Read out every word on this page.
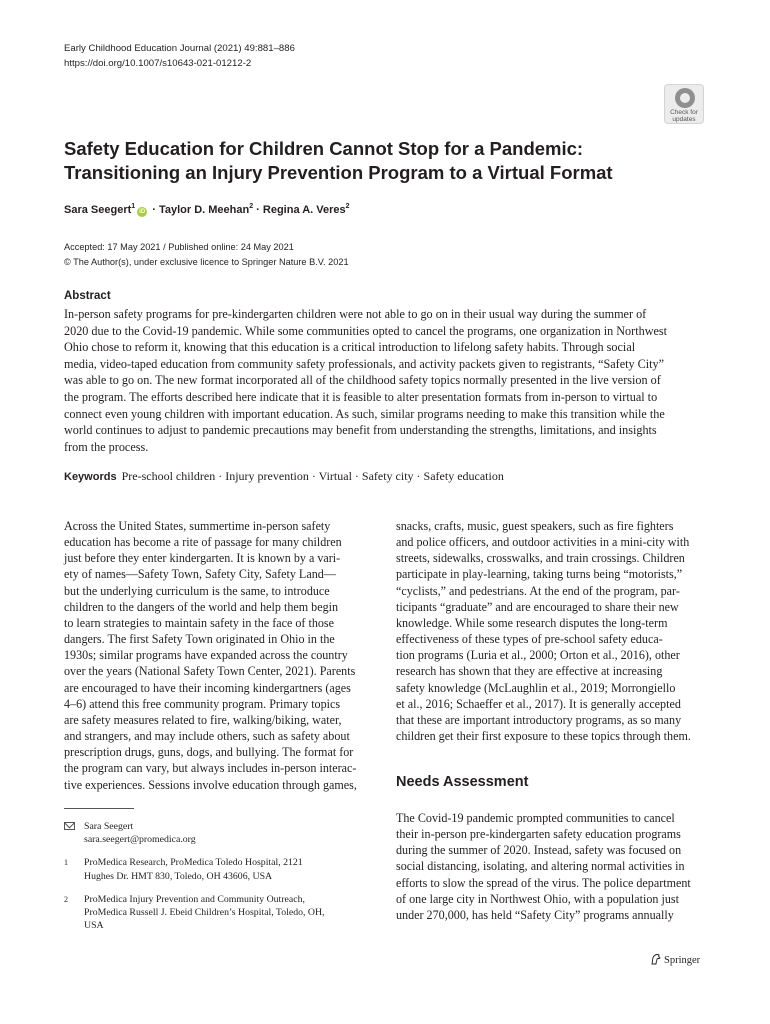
Early Childhood Education Journal (2021) 49:881–886
https://doi.org/10.1007/s10643-021-01212-2
Check for
updates
Safety Education for Children Cannot Stop for a Pandemic:
Transitioning an Injury Prevention Program to a Virtual Format
Sara Seegert$^1$iD · Taylor D. Meehan$^2$ · Regina A. Veres$^2$
Accepted: 17 May 2021 / Published online: 24 May 2021
© The Author(s), under exclusive licence to Springer Nature B.V. 2021
Abstract
In-person safety programs for pre-kindergarten children were not able to go on in their usual way during the summer of
2020 due to the Covid-19 pandemic. While some communities opted to cancel the programs, one organization in Northwest
Ohio chose to reform it, knowing that this education is a critical introduction to lifelong safety habits. Through social
media, video-taped education from community safety professionals, and activity packets given to registrants, “Safety City”
was able to go on. The new format incorporated all of the childhood safety topics normally presented in the live version of
the program. The efforts described here indicate that it is feasible to alter presentation formats from in-person to virtual to
connect even young children with important education. As such, similar programs needing to make this transition while the
world continues to adjust to pandemic precautions may benefit from understanding the strengths, limitations, and insights
from the process.
Keywords Pre-school children · Injury prevention · Virtual · Safety city · Safety education
Across the United States, summertime in-person safety
education has become a rite of passage for many children
just before they enter kindergarten. It is known by a vari-
ety of names—Safety Town, Safety City, Safety Land—
but the underlying curriculum is the same, to introduce
children to the dangers of the world and help them begin
to learn strategies to maintain safety in the face of those
dangers. The first Safety Town originated in Ohio in the
1930s; similar programs have expanded across the country
over the years (National Safety Town Center, 2021). Parents
are encouraged to have their incoming kindergartners (ages
4–6) attend this free community program. Primary topics
are safety measures related to fire, walking/biking, water,
and strangers, and may include others, such as safety about
prescription drugs, guns, dogs, and bullying. The format for
the program can vary, but always includes in-person interac-
tive experiences. Sessions involve education through games,
snacks, crafts, music, guest speakers, such as fire fighters
and police officers, and outdoor activities in a mini-city with
streets, sidewalks, crosswalks, and train crossings. Children
participate in play-learning, taking turns being “motorists,”
“cyclists,” and pedestrians. At the end of the program, par-
ticipants “graduate” and are encouraged to share their new
knowledge. While some research disputes the long-term
effectiveness of these types of pre-school safety educa-
tion programs (Luria et al., 2000; Orton et al., 2016), other
research has shown that they are effective at increasing
safety knowledge (McLaughlin et al., 2019; Morrongiello
et al., 2016; Schaeffer et al., 2017). It is generally accepted
that these are important introductory programs, as so many
children get their first exposure to these topics through them.
Needs Assessment
The Covid-19 pandemic prompted communities to cancel
their in-person pre-kindergarten safety education programs
during the summer of 2020. Instead, safety was focused on
social distancing, isolating, and altering normal activities in
efforts to slow the spread of the virus. The police department
of one large city in Northwest Ohio, with a population just
under 270,000, has held “Safety City” programs annually
Sara Seegert
sara.seegert@promedica.org
1 ProMedica Research, ProMedica Toledo Hospital, 2121
Hughes Dr. HMT 830, Toledo, OH 43606, USA
2 ProMedica Injury Prevention and Community Outreach,
ProMedica Russell J. Ebeid Children’s Hospital, Toledo, OH,
USA
Springer
